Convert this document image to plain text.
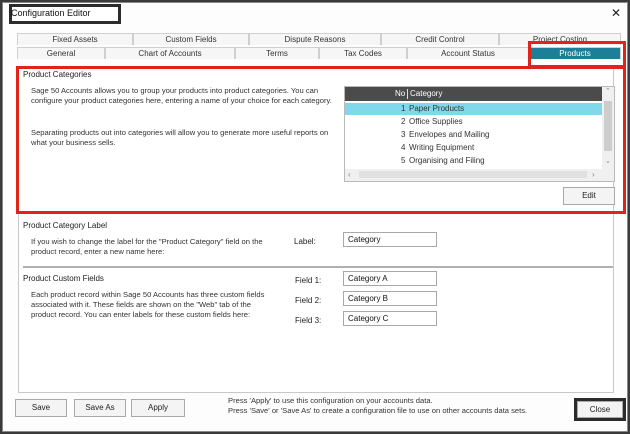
Configuration Editor	✕
Fixed Assets	Custom Fields	Dispute Reasons	Credit Control	Project Costing
General	Chart of Accounts	Terms	Tax Codes	Account Status	Products
Product Categories
Sage 50 Accounts allows you to group your products into product categories. You can configure your product categories here, entering a name of your choice for each category.
Separating products out into categories will allow you to generate more useful reports on what your business sells.
No Category
1 Paper Products
2 Office Supplies
3 Envelopes and Mailing
4 Writing Equipment
5 Organising and Filing
⌃
⌄
‹	›
Edit
Product Category Label
If you wish to change the label for the "Product Category" field on the product record, enter a new name here:
Label:	Category
Product Custom Fields
Each product record within Sage 50 Accounts has three custom fields associated with it. These fields are shown on the "Web" tab of the product record. You can enter labels for these custom fields here:
Field 1:	Category A
Field 2:	Category B
Field 3:	Category C
Save	Save As	Apply
Press 'Apply' to use this configuration on your accounts data.
Press 'Save' or 'Save As' to create a configuration file to use on other accounts data sets.	Close
